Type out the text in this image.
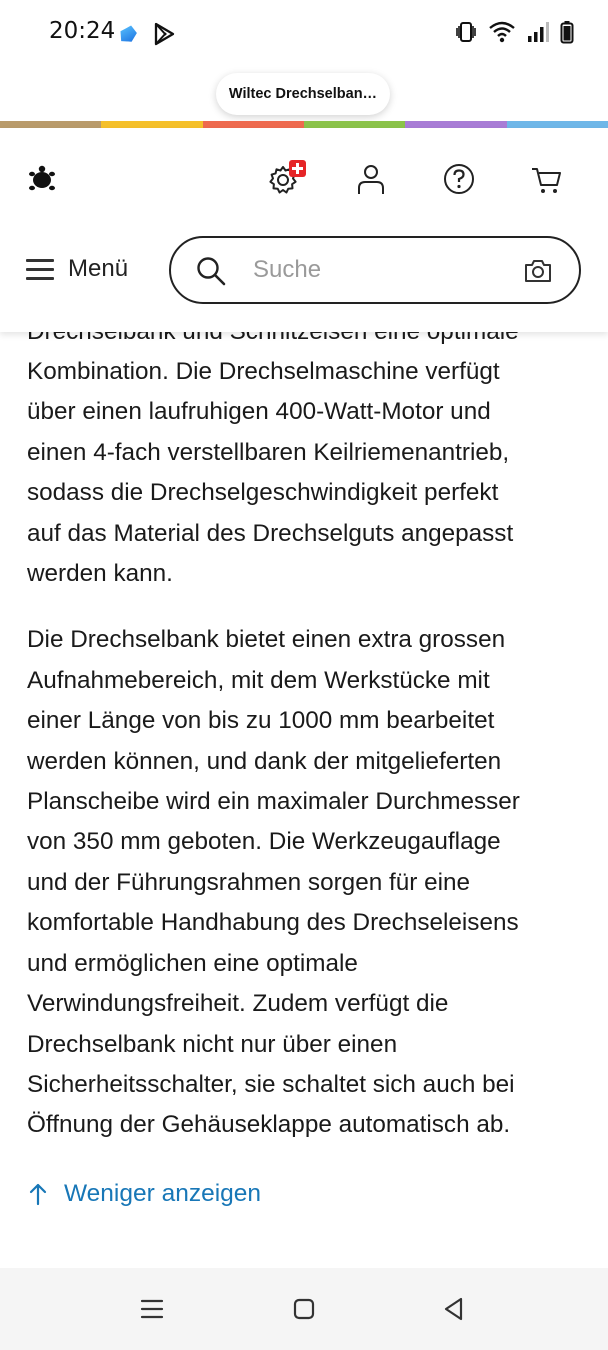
20:24
Wiltec Drechselban…
Kombination. Die Drechselmaschine verfügt
über einen laufruhigen 400-Watt-Motor und
einen 4-fach verstellbaren Keilriemenantrieb,
sodass die Drechselgeschwindigkeit perfekt
auf das Material des Drechselguts angepasst
werden kann.
Die Drechselbank bietet einen extra grossen
Aufnahmebereich, mit dem Werkstücke mit
einer Länge von bis zu 1000 mm bearbeitet
werden können, und dank der mitgelieferten
Planscheibe wird ein maximaler Durchmesser
von 350 mm geboten. Die Werkzeugauflage
und der Führungsrahmen sorgen für eine
komfortable Handhabung des Drechseleisens
und ermöglichen eine optimale
Verwindungsfreiheit. Zudem verfügt die
Drechselbank nicht nur über einen
Sicherheitsschalter, sie schaltet sich auch bei
Öffnung der Gehäuseklappe automatisch ab.
Menü	Suche
Weniger anzeigen
